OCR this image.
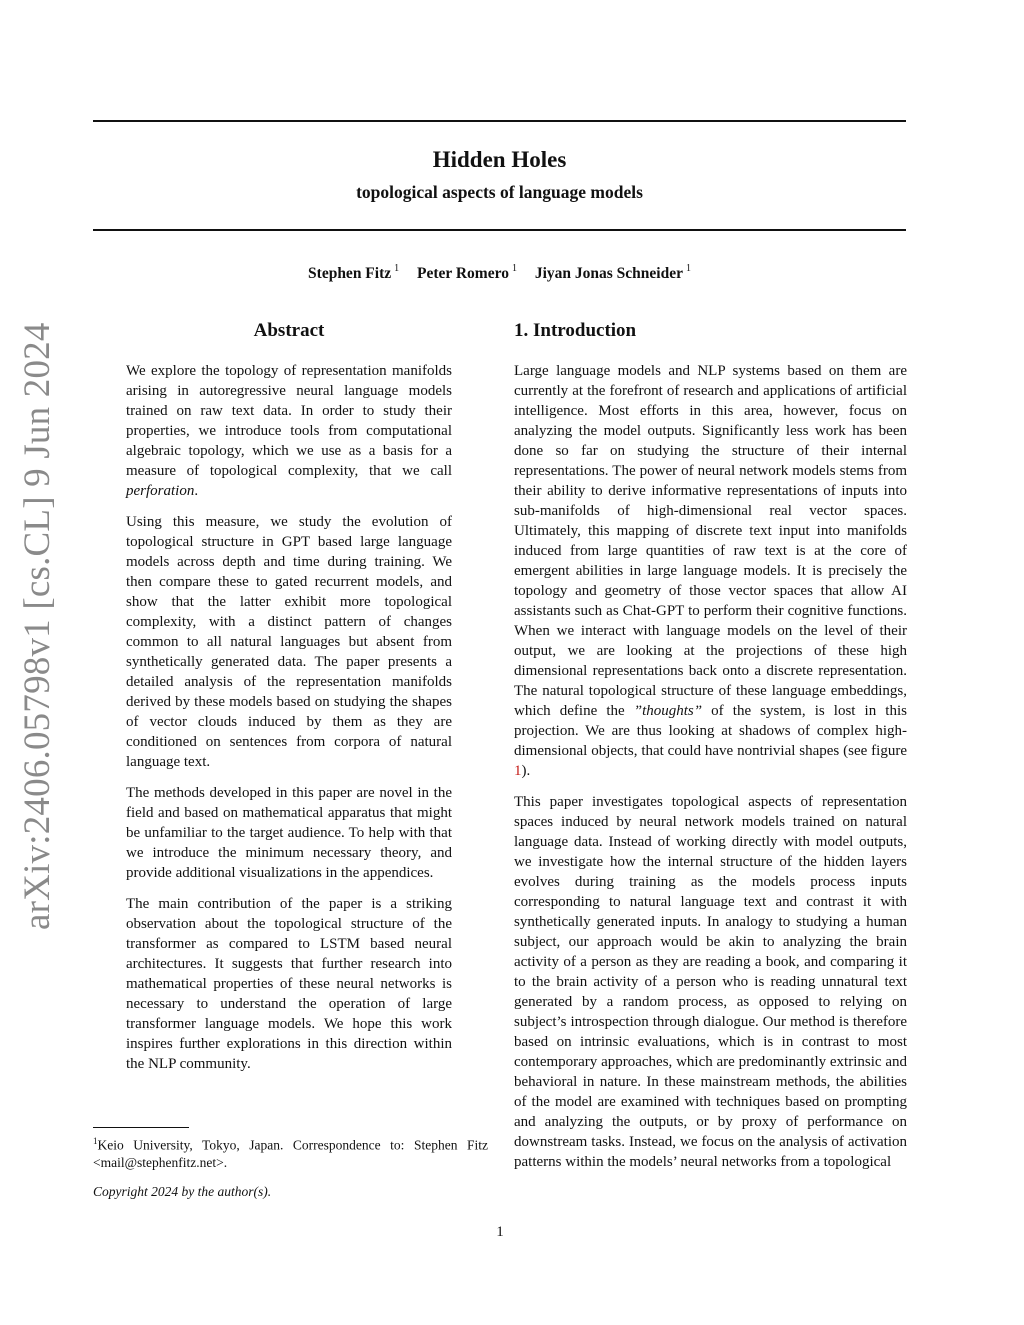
arXiv:2406.05798v1 [cs.CL] 9 Jun 2024
Hidden Holes
topological aspects of language models
Stephen Fitz $^1$ Peter Romero $^1$ Jiyan Jonas Schneider $^1$
Abstract

We explore the topology of representation manifolds arising in autoregressive neural language models trained on raw text data. In order to study their properties, we introduce tools from computational algebraic topology, which we use as a basis for a measure of topological complexity, that we call perforation.

Using this measure, we study the evolution of topological structure in GPT based large language models across depth and time during training. We then compare these to gated recurrent models, and show that the latter exhibit more topological complexity, with a distinct pattern of changes common to all natural languages but absent from synthetically generated data. The paper presents a detailed analysis of the representation manifolds derived by these models based on studying the shapes of vector clouds induced by them as they are conditioned on sentences from corpora of natural language text.

The methods developed in this paper are novel in the field and based on mathematical apparatus that might be unfamiliar to the target audience. To help with that we introduce the minimum necessary theory, and provide additional visualizations in the appendices.

The main contribution of the paper is a striking observation about the topological structure of the transformer as compared to LSTM based neural architectures. It suggests that further research into mathematical properties of these neural networks is necessary to understand the operation of large transformer language models. We hope this work inspires further explorations in this direction within the NLP community.

1. Introduction

Large language models and NLP systems based on them are currently at the forefront of research and applications of artificial intelligence. Most efforts in this area, however, focus on analyzing the model outputs. Significantly less work has been done so far on studying the structure of their internal representations. The power of neural network models stems from their ability to derive informative representations of inputs into sub-manifolds of high-dimensional real vector spaces. Ultimately, this mapping of discrete text input into manifolds induced from large quantities of raw text is at the core of emergent abilities in large language models. It is precisely the topology and geometry of those vector spaces that allow AI assistants such as Chat-GPT to perform their cognitive functions. When we interact with language models on the level of their output, we are looking at the projections of these high dimensional representations back onto a discrete representation. The natural topological structure of these language embeddings, which define the ”thoughts” of the system, is lost in this projection. We are thus looking at shadows of complex high-dimensional objects, that could have nontrivial shapes (see figure 1).

This paper investigates topological aspects of representation spaces induced by neural network models trained on natural language data. Instead of working directly with model outputs, we investigate how the internal structure of the hidden layers evolves during training as the models process inputs corresponding to natural language text and contrast it with synthetically generated inputs. In analogy to studying a human subject, our approach would be akin to analyzing the brain activity of a person as they are reading a book, and comparing it to the brain activity of a person who is reading unnatural text generated by a random process, as opposed to relying on subject’s introspection through dialogue. Our method is therefore based on intrinsic evaluations, which is in contrast to most contemporary approaches, which are predominantly extrinsic and behavioral in nature. In these mainstream methods, the abilities of the model are examined with techniques based on prompting and analyzing the outputs, or by proxy of performance on downstream tasks. Instead, we focus on the analysis of activation patterns within the models’ neural networks from a topological

$^1$Keio University, Tokyo, Japan. Correspondence to: Stephen Fitz <mail@stephenfitz.net>.
Copyright 2024 by the author(s).
1
